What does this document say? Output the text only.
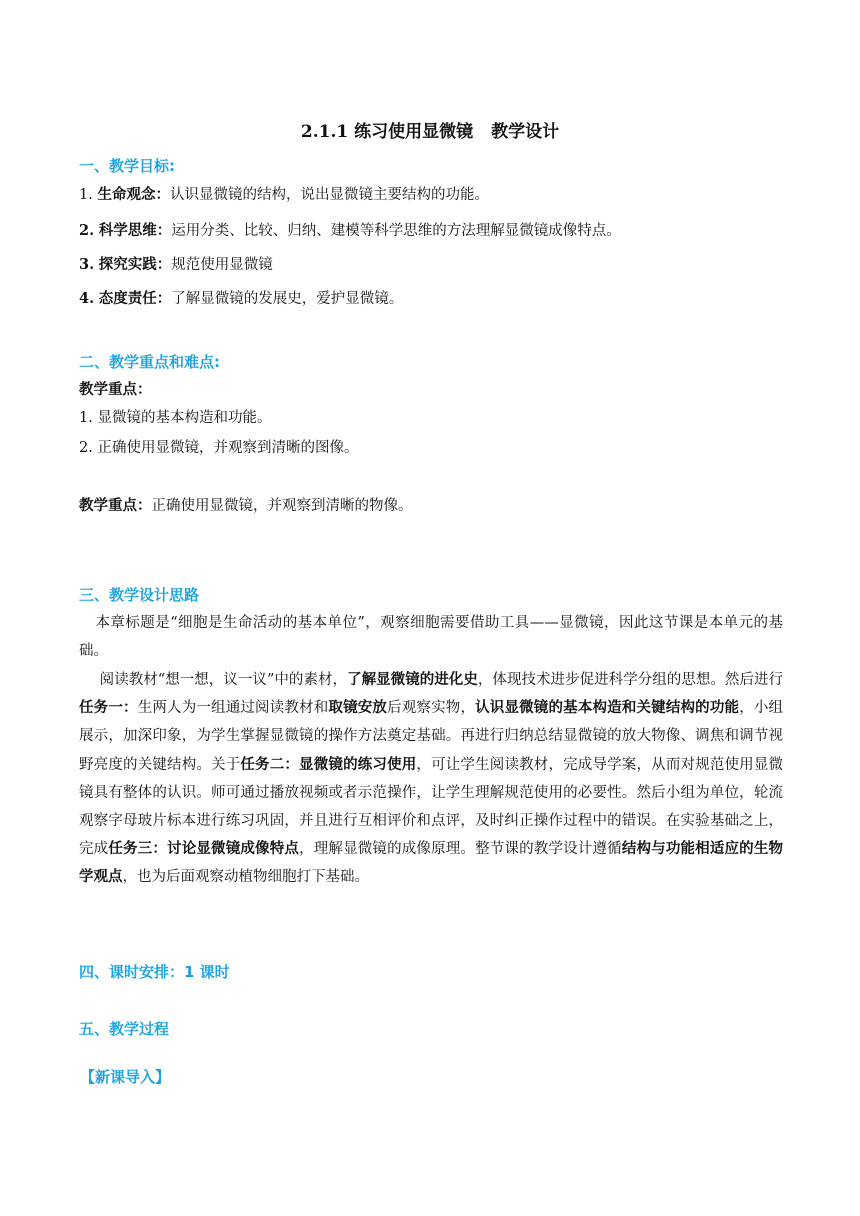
2.1.1 练习使用显微镜 教学设计
一、教学目标:
1. 生命观念：认识显微镜的结构，说出显微镜主要结构的功能。
2. 科学思维：运用分类、比较、归纳、建模等科学思维的方法理解显微镜成像特点。
3. 探究实践：规范使用显微镜
4. 态度责任：了解显微镜的发展史，爱护显微镜。
二、教学重点和难点:
教学重点：
1. 显微镜的基本构造和功能。
2. 正确使用显微镜，并观察到清晰的图像。
教学重点：正确使用显微镜，并观察到清晰的物像。
三、教学设计思路
本章标题是“细胞是生命活动的基本单位”，观察细胞需要借助工具——显微镜，因此这节课是本单元的基础。
阅读教材“想一想，议一议”中的素材，了解显微镜的进化史，体现技术进步促进科学分组的思想。然后进行任务一：生两人为一组通过阅读教材和取镜安放后观察实物，认识显微镜的基本构造和关键结构的功能，小组展示，加深印象，为学生掌握显微镜的操作方法奠定基础。再进行归纳总结显微镜的放大物像、调焦和调节视野亮度的关键结构。关于任务二：显微镜的练习使用，可让学生阅读教材，完成导学案，从而对规范使用显微镜具有整体的认识。师可通过播放视频或者示范操作，让学生理解规范使用的必要性。然后小组为单位，轮流观察字母玻片标本进行练习巩固，并且进行互相评价和点评，及时纠正操作过程中的错误。在实验基础之上，完成任务三：讨论显微镜成像特点，理解显微镜的成像原理。整节课的教学设计遵循结构与功能相适应的生物学观点，也为后面观察动植物细胞打下基础。
四、课时安排：1 课时
五、教学过程
【新课导入】
